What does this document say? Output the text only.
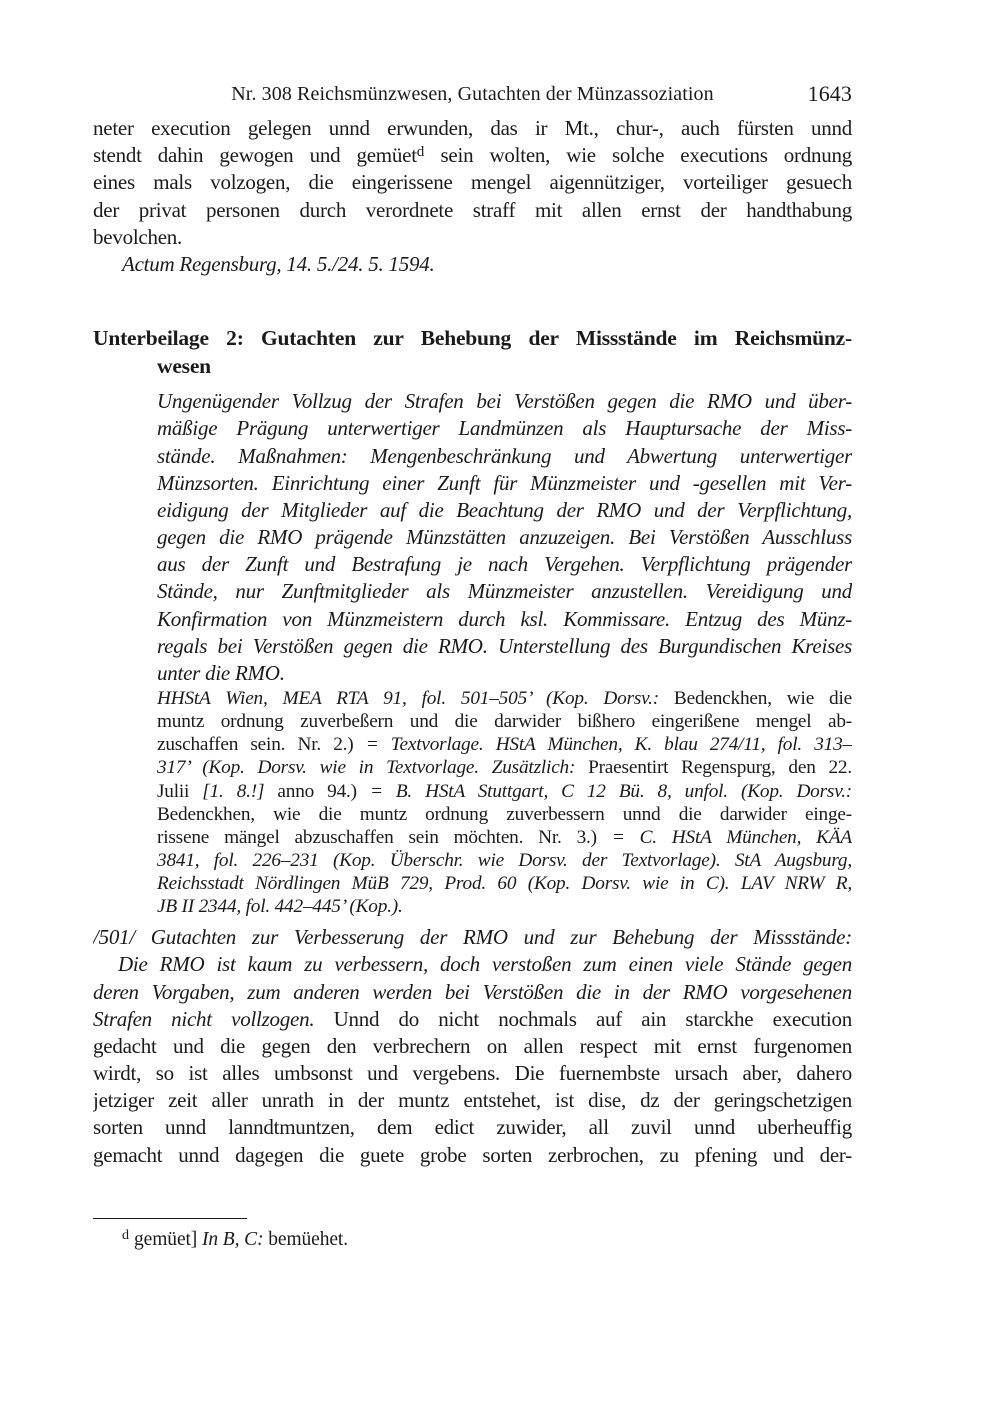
Nr. 308 Reichsmünzwesen, Gutachten der Münzassoziation	1643
neter execution gelegen unnd erwunden, das ir Mt., chur-, auch fürsten unnd
stendt dahin gewogen und gemüet$^d$ sein wolten, wie solche executions ordnung
eines mals volzogen, die eingerissene mengel aigennütziger, vorteiliger gesuech
der privat personen durch verordnete straff mit allen ernst der handthabung
bevolchen.
Actum Regensburg, 14. 5./24. 5. 1594.
Unterbeilage 2: Gutachten zur Behebung der Missstände im Reichsmünz-
wesen
Ungenügender Vollzug der Strafen bei Verstößen gegen die RMO und über-
mäßige Prägung unterwertiger Landmünzen als Hauptursache der Miss-
stände. Maßnahmen: Mengenbeschränkung und Abwertung unterwertiger
Münzsorten. Einrichtung einer Zunft für Münzmeister und -gesellen mit Ver-
eidigung der Mitglieder auf die Beachtung der RMO und der Verpflichtung,
gegen die RMO prägende Münzstätten anzuzeigen. Bei Verstößen Ausschluss
aus der Zunft und Bestrafung je nach Vergehen. Verpflichtung prägender
Stände, nur Zunftmitglieder als Münzmeister anzustellen. Vereidigung und
Konfirmation von Münzmeistern durch ksl. Kommissare. Entzug des Münz-
regals bei Verstößen gegen die RMO. Unterstellung des Burgundischen Kreises
unter die RMO.
HHStA Wien, MEA RTA 91, fol. 501–505’ (Kop. Dorsv.: Bedenckhen, wie die
muntz ordnung zuverbeßern und die darwider bißhero eingerißene mengel ab-
zuschaffen sein. Nr. 2.) = Textvorlage. HStA München, K. blau 274/11, fol. 313–
317’ (Kop. Dorsv. wie in Textvorlage. Zusätzlich: Praesentirt Regenspurg, den 22.
Julii [1. 8.!] anno 94.) = B. HStA Stuttgart, C 12 Bü. 8, unfol. (Kop. Dorsv.:
Bedenckhen, wie die muntz ordnung zuverbessern unnd die darwider einge-
rissene mängel abzuschaffen sein möchten. Nr. 3.) = C. HStA München, KÄA
3841, fol. 226–231 (Kop. Überschr. wie Dorsv. der Textvorlage). StA Augsburg,
Reichsstadt Nördlingen MüB 729, Prod. 60 (Kop. Dorsv. wie in C). LAV NRW R,
JB II 2344, fol. 442–445’ (Kop.).
/501/ Gutachten zur Verbesserung der RMO und zur Behebung der Missstände:
Die RMO ist kaum zu verbessern, doch verstoßen zum einen viele Stände gegen
deren Vorgaben, zum anderen werden bei Verstößen die in der RMO vorgesehenen
Strafen nicht vollzogen. Unnd do nicht nochmals auf ain starckhe execution
gedacht und die gegen den verbrechern on allen respect mit ernst furgenomen
wirdt, so ist alles umbsonst und vergebens. Die fuernembste ursach aber, dahero
jetziger zeit aller unrath in der muntz entstehet, ist dise, dz der geringschetzigen
sorten unnd lanndtmuntzen, dem edict zuwider, all zuvil unnd uberheuffig
gemacht unnd dagegen die guete grobe sorten zerbrochen, zu pfening und der-
$^d$ gemüet] In B, C: bemüehet.
